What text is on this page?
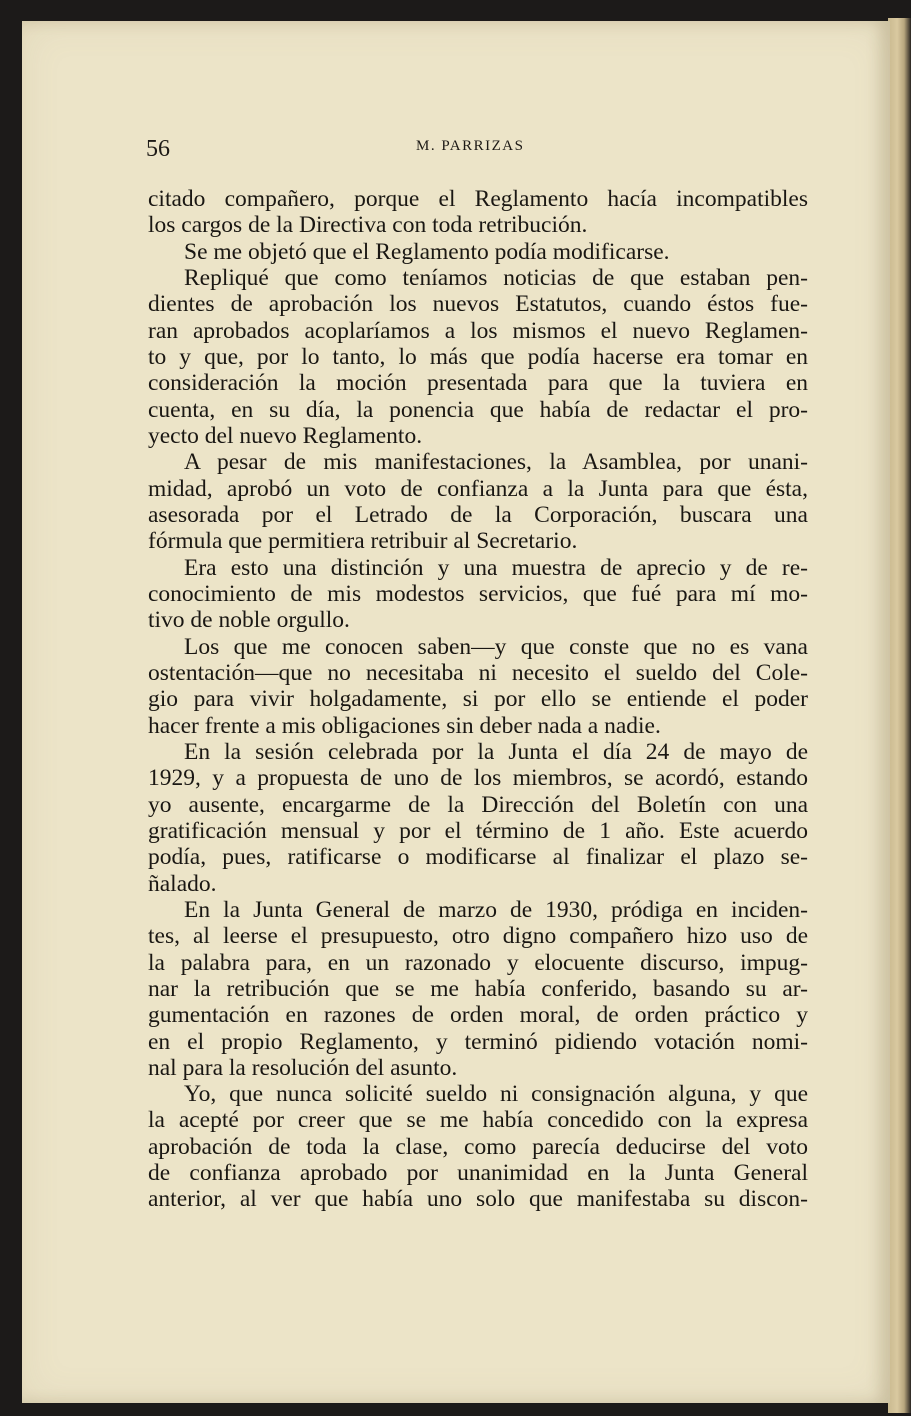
56	M. PARRIZAS
citado compañero, porque el Reglamento hacía incompatibles
los cargos de la Directiva con toda retribución.
Se me objetó que el Reglamento podía modificarse.
Repliqué que como teníamos noticias de que estaban pen-
dientes de aprobación los nuevos Estatutos, cuando éstos fue-
ran aprobados acoplaríamos a los mismos el nuevo Reglamen-
to y que, por lo tanto, lo más que podía hacerse era tomar en
consideración la moción presentada para que la tuviera en
cuenta, en su día, la ponencia que había de redactar el pro-
yecto del nuevo Reglamento.
A pesar de mis manifestaciones, la Asamblea, por unani-
midad, aprobó un voto de confianza a la Junta para que ésta,
asesorada por el Letrado de la Corporación, buscara una
fórmula que permitiera retribuir al Secretario.
Era esto una distinción y una muestra de aprecio y de re-
conocimiento de mis modestos servicios, que fué para mí mo-
tivo de noble orgullo.
Los que me conocen saben—y que conste que no es vana
ostentación—que no necesitaba ni necesito el sueldo del Cole-
gio para vivir holgadamente, si por ello se entiende el poder
hacer frente a mis obligaciones sin deber nada a nadie.
En la sesión celebrada por la Junta el día 24 de mayo de
1929, y a propuesta de uno de los miembros, se acordó, estando
yo ausente, encargarme de la Dirección del Boletín con una
gratificación mensual y por el término de 1 año. Este acuerdo
podía, pues, ratificarse o modificarse al finalizar el plazo se-
ñalado.
En la Junta General de marzo de 1930, pródiga en inciden-
tes, al leerse el presupuesto, otro digno compañero hizo uso de
la palabra para, en un razonado y elocuente discurso, impug-
nar la retribución que se me había conferido, basando su ar-
gumentación en razones de orden moral, de orden práctico y
en el propio Reglamento, y terminó pidiendo votación nomi-
nal para la resolución del asunto.
Yo, que nunca solicité sueldo ni consignación alguna, y que
la acepté por creer que se me había concedido con la expresa
aprobación de toda la clase, como parecía deducirse del voto
de confianza aprobado por unanimidad en la Junta General
anterior, al ver que había uno solo que manifestaba su discon-
